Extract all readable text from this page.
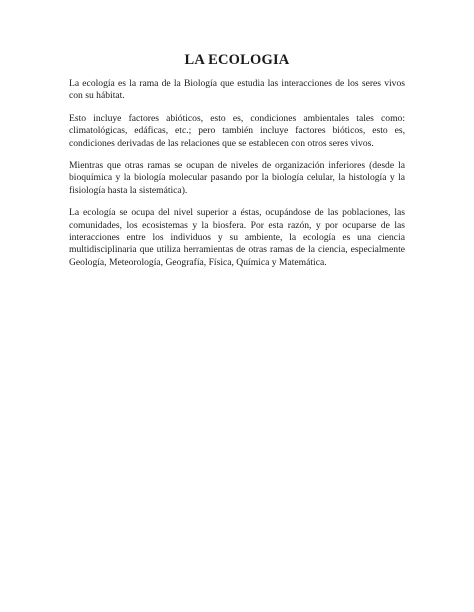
LA ECOLOGIA

La ecología es la rama de la Biología que estudia las interacciones de los seres vivos con su hábitat.

Esto incluye factores abióticos, esto es, condiciones ambientales tales como: climatológicas, edáficas, etc.; pero también incluye factores bióticos, esto es, condiciones derivadas de las relaciones que se establecen con otros seres vivos.

Mientras que otras ramas se ocupan de niveles de organización inferiores (desde la bioquímica y la biología molecular pasando por la biología celular, la histología y la fisiología hasta la sistemática).

La ecología se ocupa del nivel superior a éstas, ocupándose de las poblaciones, las comunidades, los ecosistemas y la biosfera. Por esta razón, y por ocuparse de las interacciones entre los individuos y su ambiente, la ecología es una ciencia multidisciplinaria que utiliza herramientas de otras ramas de la ciencia, especialmente Geología, Meteorología, Geografía, Física, Química y Matemática.
